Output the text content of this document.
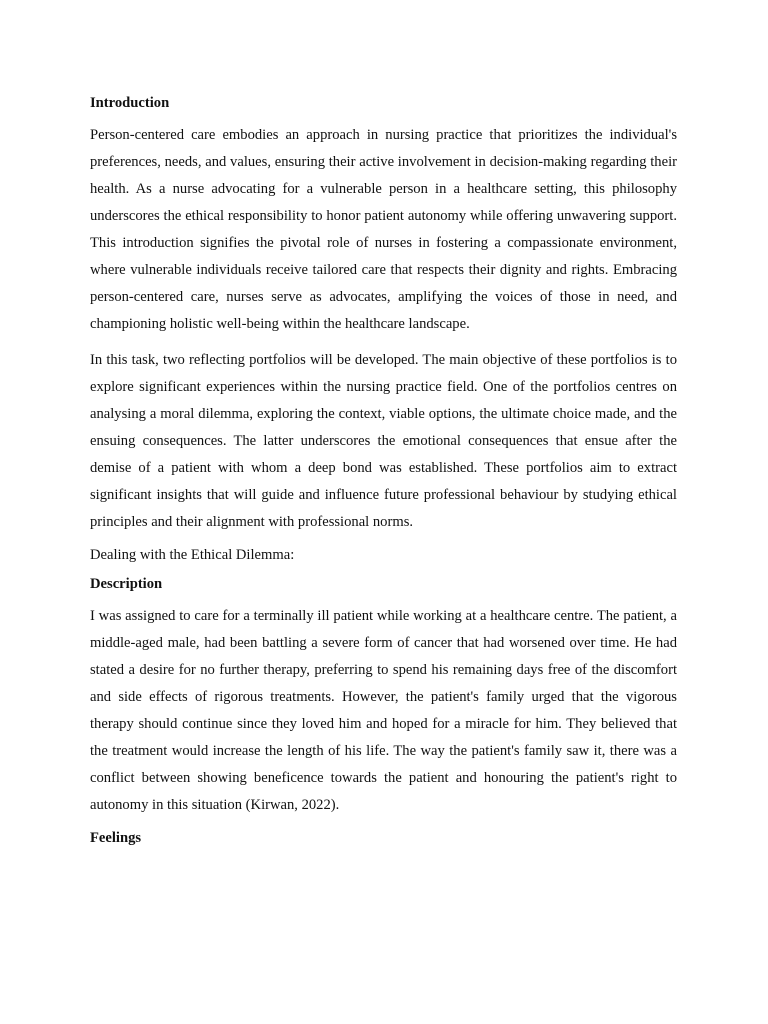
Introduction
Person-centered care embodies an approach in nursing practice that prioritizes the individual's preferences, needs, and values, ensuring their active involvement in decision-making regarding their health. As a nurse advocating for a vulnerable person in a healthcare setting, this philosophy underscores the ethical responsibility to honor patient autonomy while offering unwavering support. This introduction signifies the pivotal role of nurses in fostering a compassionate environment, where vulnerable individuals receive tailored care that respects their dignity and rights. Embracing person-centered care, nurses serve as advocates, amplifying the voices of those in need, and championing holistic well-being within the healthcare landscape.
In this task, two reflecting portfolios will be developed. The main objective of these portfolios is to explore significant experiences within the nursing practice field. One of the portfolios centres on analysing a moral dilemma, exploring the context, viable options, the ultimate choice made, and the ensuing consequences. The latter underscores the emotional consequences that ensue after the demise of a patient with whom a deep bond was established. These portfolios aim to extract significant insights that will guide and influence future professional behaviour by studying ethical principles and their alignment with professional norms.
Dealing with the Ethical Dilemma:
Description
I was assigned to care for a terminally ill patient while working at a healthcare centre. The patient, a middle-aged male, had been battling a severe form of cancer that had worsened over time. He had stated a desire for no further therapy, preferring to spend his remaining days free of the discomfort and side effects of rigorous treatments. However, the patient's family urged that the vigorous therapy should continue since they loved him and hoped for a miracle for him. They believed that the treatment would increase the length of his life. The way the patient's family saw it, there was a conflict between showing beneficence towards the patient and honouring the patient's right to autonomy in this situation (Kirwan, 2022).
Feelings
